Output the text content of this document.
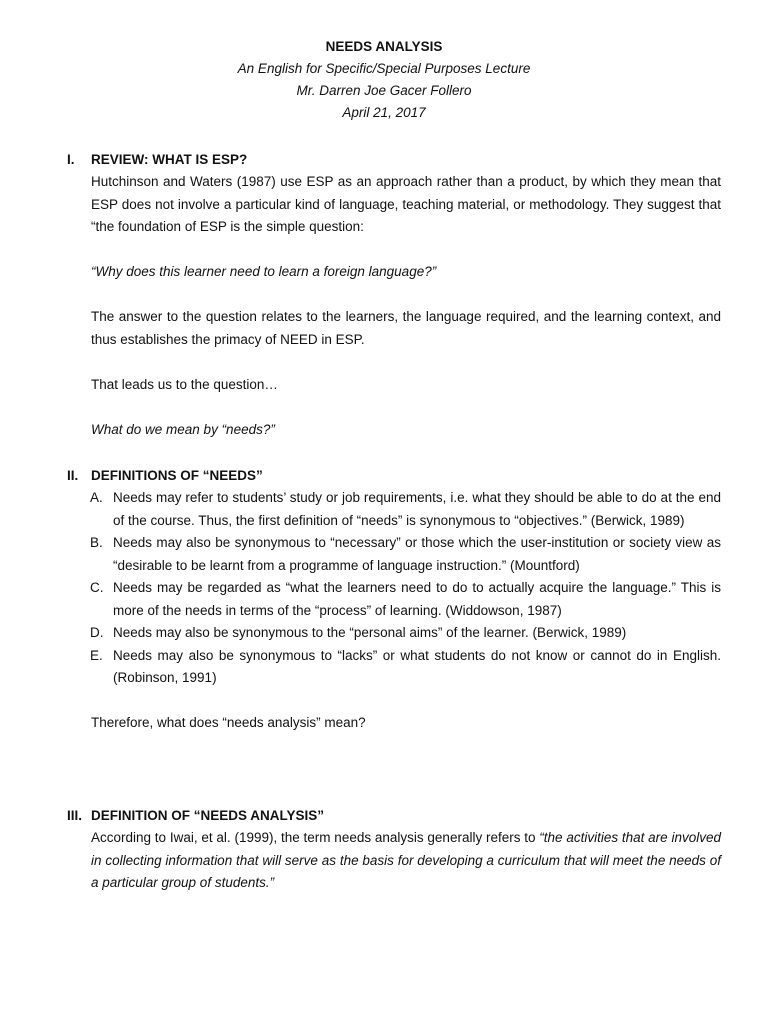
NEEDS ANALYSIS
An English for Specific/Special Purposes Lecture
Mr. Darren Joe Gacer Follero
April 21, 2017
I. REVIEW: WHAT IS ESP?
Hutchinson and Waters (1987) use ESP as an approach rather than a product, by which they mean that ESP does not involve a particular kind of language, teaching material, or methodology. They suggest that “the foundation of ESP is the simple question:
“Why does this learner need to learn a foreign language?”
The answer to the question relates to the learners, the language required, and the learning context, and thus establishes the primacy of NEED in ESP.
That leads us to the question…
What do we mean by “needs?”
II. DEFINITIONS OF “NEEDS”
A. Needs may refer to students’ study or job requirements, i.e. what they should be able to do at the end of the course. Thus, the first definition of “needs” is synonymous to “objectives.” (Berwick, 1989)
B. Needs may also be synonymous to “necessary” or those which the user-institution or society view as “desirable to be learnt from a programme of language instruction.” (Mountford)
C. Needs may be regarded as “what the learners need to do to actually acquire the language.” This is more of the needs in terms of the “process” of learning. (Widdowson, 1987)
D. Needs may also be synonymous to the “personal aims” of the learner. (Berwick, 1989)
E. Needs may also be synonymous to “lacks” or what students do not know or cannot do in English. (Robinson, 1991)
Therefore, what does “needs analysis” mean?
III. DEFINITION OF “NEEDS ANALYSIS”
According to Iwai, et al. (1999), the term needs analysis generally refers to “the activities that are involved in collecting information that will serve as the basis for developing a curriculum that will meet the needs of a particular group of students.”
